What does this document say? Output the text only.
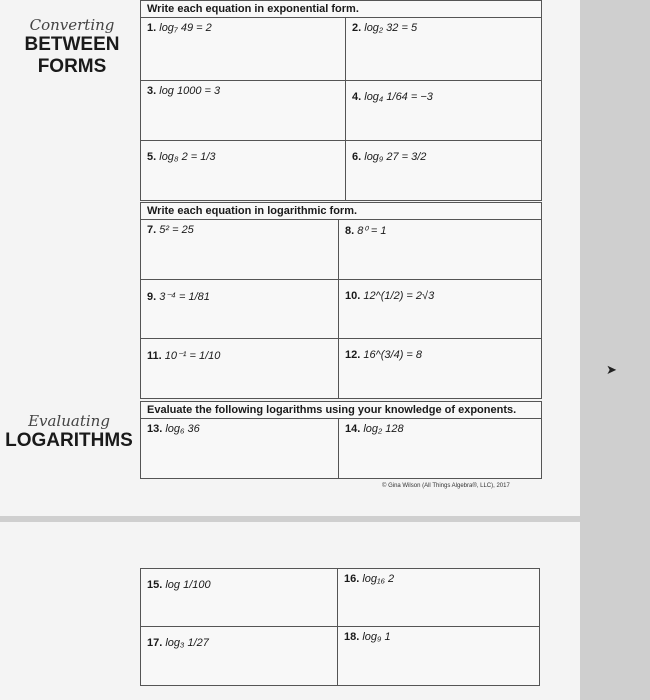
Converting
BETWEEN
FORMS
Evaluating
LOGARITHMS
Write each equation in exponential form.
1. log₇ 49 = 2	2. log₂ 32 = 5
3. log 1000 = 3	4. log₄ 1/64 = −3
5. log₈ 2 = 1/3	6. log₉ 27 = 3/2
Write each equation in logarithmic form.
7. 5² = 25	8. 8⁰ = 1
9. 3⁻⁴ = 1/81	10. 12^(1/2) = 2√3
11. 10⁻¹ = 1/10	12. 16^(3/4) = 8
Evaluate the following logarithms using your knowledge of exponents.
13. log₆ 36	14. log₂ 128
© Gina Wilson (All Things Algebra®, LLC), 2017
15. log 1/100	16. log₁₆ 2
17. log₃ 1/27	18. log₉ 1
➤
